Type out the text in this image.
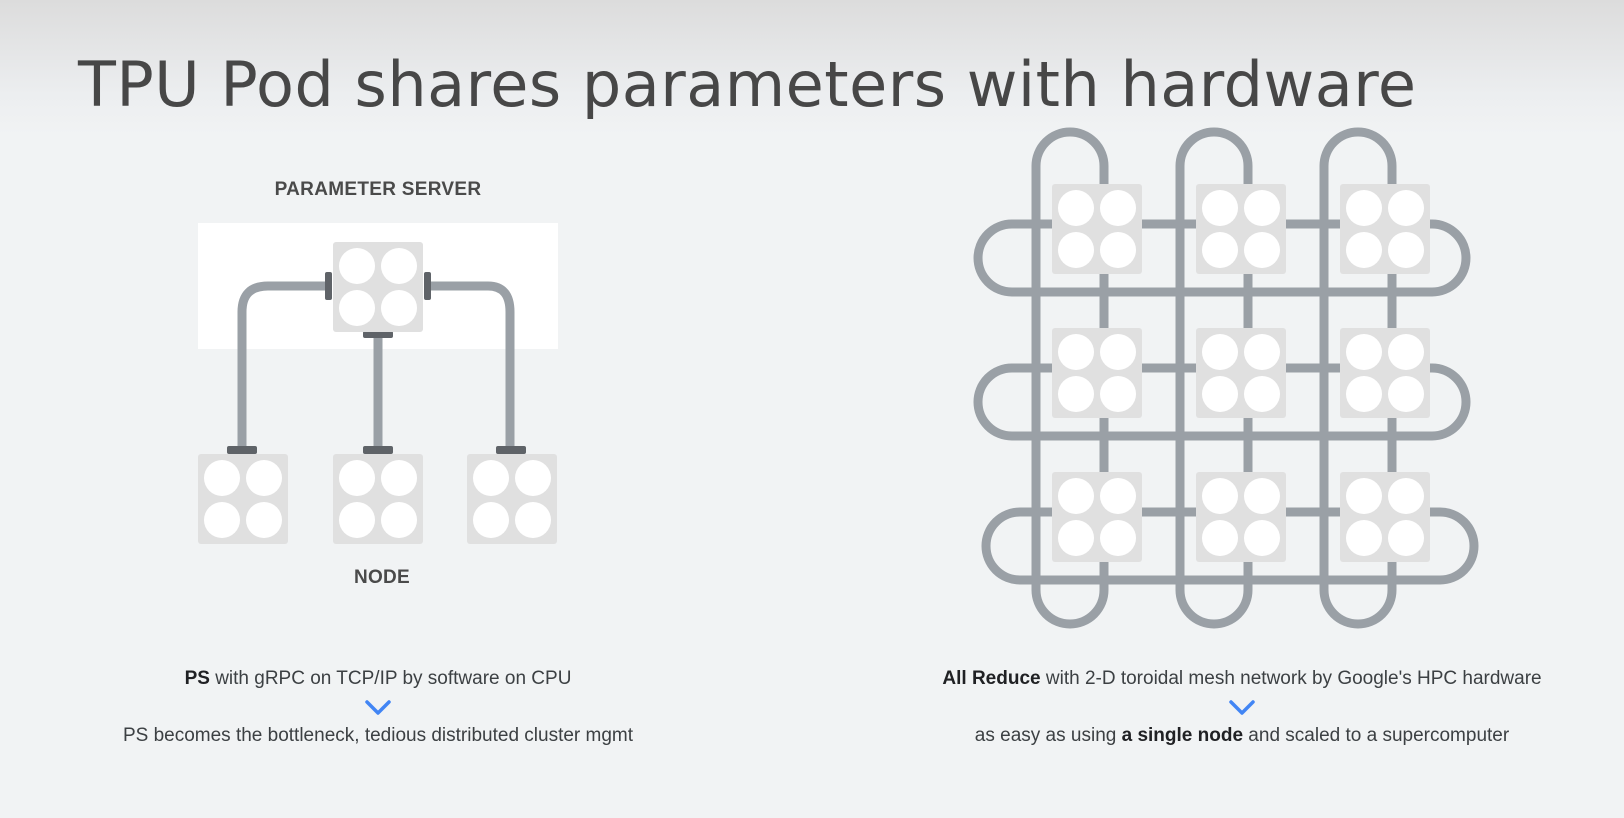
TPU Pod shares parameters with hardware
PARAMETER SERVER
NODE
PS with gRPC on TCP/IP by software on CPU
PS becomes the bottleneck, tedious distributed cluster mgmt
All Reduce with 2-D toroidal mesh network by Google's HPC hardware
as easy as using a single node and scaled to a supercomputer
